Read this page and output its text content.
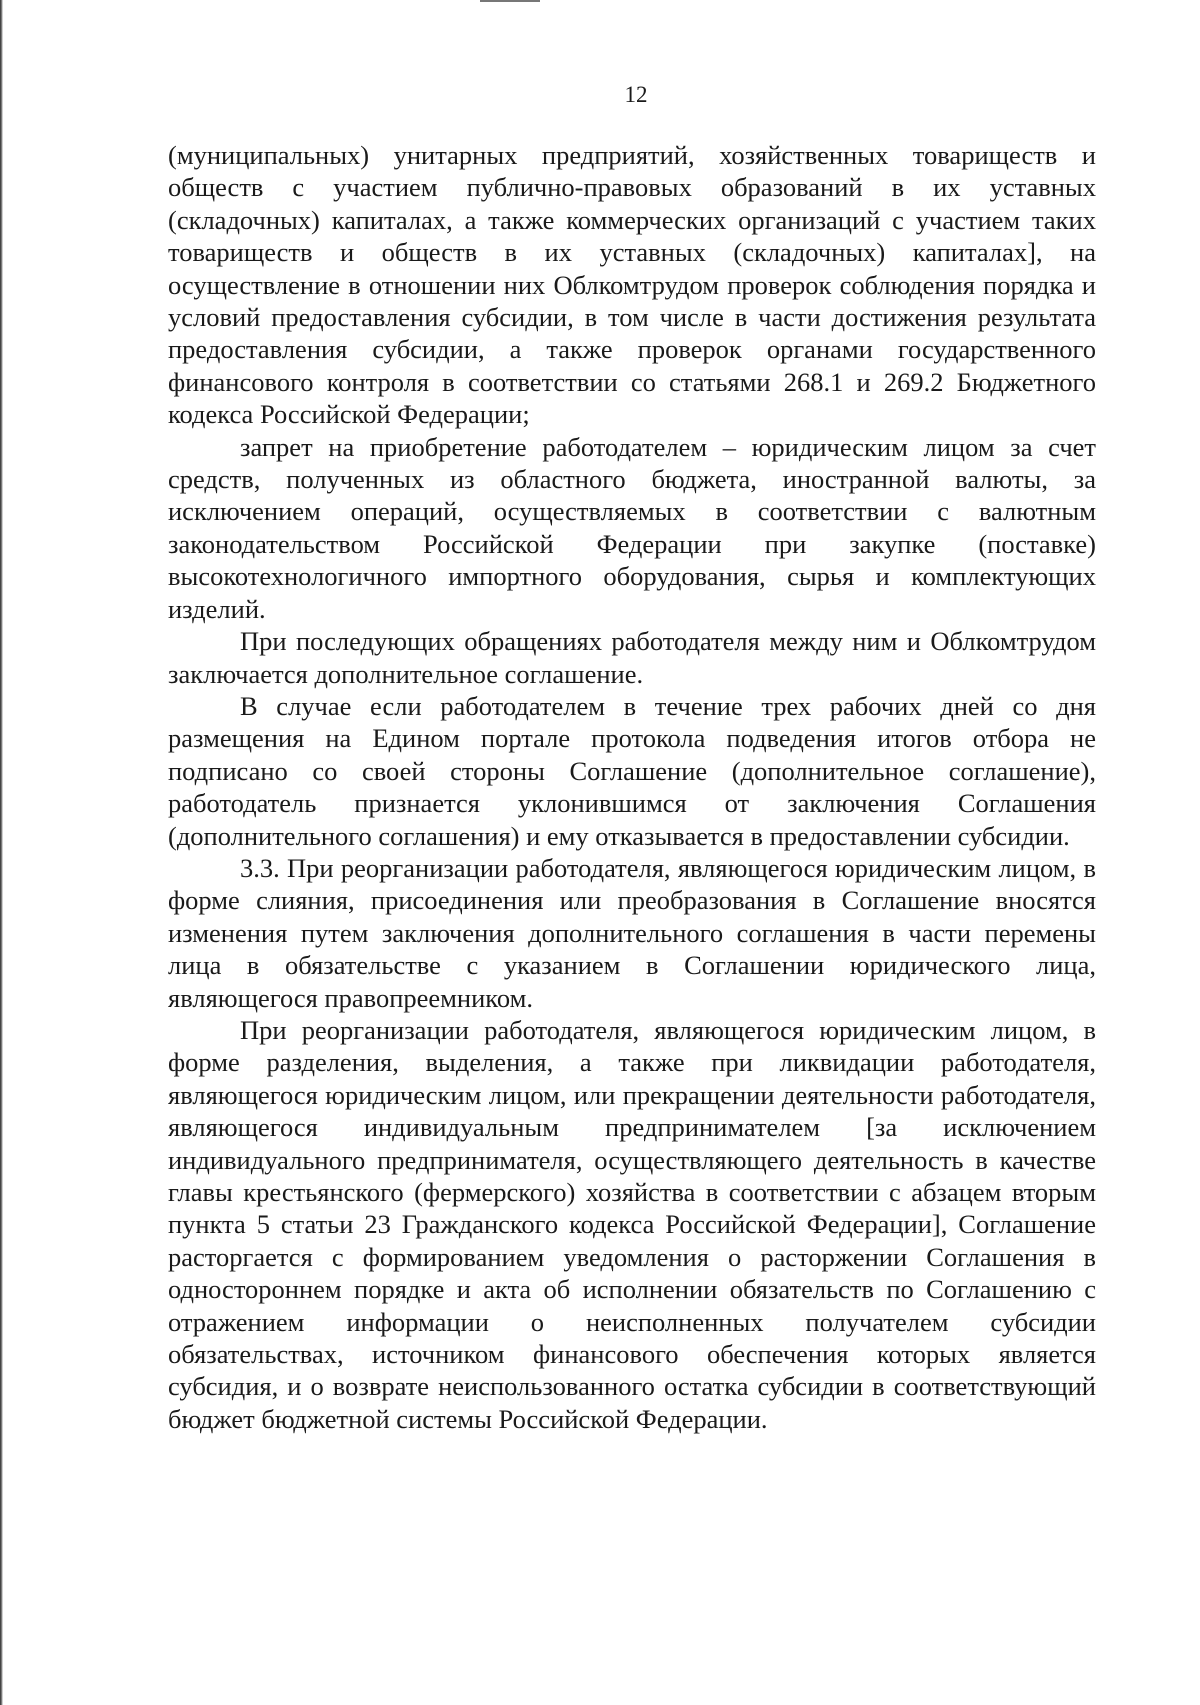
12

(муниципальных) унитарных предприятий, хозяйственных товариществ и обществ с участием публично-правовых образований в их уставных (складочных) капиталах, а также коммерческих организаций с участием таких товариществ и обществ в их уставных (складочных) капиталах], на осуществление в отношении них Облкомтрудом проверок соблюдения порядка и условий предоставления субсидии, в том числе в части достижения результата предоставления субсидии, а также проверок органами государственного финансового контроля в соответствии со статьями 268.1 и 269.2 Бюджетного кодекса Российской Федерации;

запрет на приобретение работодателем – юридическим лицом за счет средств, полученных из областного бюджета, иностранной валюты, за исключением операций, осуществляемых в соответствии с валютным законодательством Российской Федерации при закупке (поставке) высокотехнологичного импортного оборудования, сырья и комплектующих изделий.

При последующих обращениях работодателя между ним и Облкомтрудом заключается дополнительное соглашение.

В случае если работодателем в течение трех рабочих дней со дня размещения на Едином портале протокола подведения итогов отбора не подписано со своей стороны Соглашение (дополнительное соглашение), работодатель признается уклонившимся от заключения Соглашения (дополнительного соглашения) и ему отказывается в предоставлении субсидии.

3.3. При реорганизации работодателя, являющегося юридическим лицом, в форме слияния, присоединения или преобразования в Соглашение вносятся изменения путем заключения дополнительного соглашения в части перемены лица в обязательстве с указанием в Соглашении юридического лица, являющегося правопреемником.

При реорганизации работодателя, являющегося юридическим лицом, в форме разделения, выделения, а также при ликвидации работодателя, являющегося юридическим лицом, или прекращении деятельности работодателя, являющегося индивидуальным предпринимателем [за исключением индивидуального предпринимателя, осуществляющего деятельность в качестве главы крестьянского (фермерского) хозяйства в соответствии с абзацем вторым пункта 5 статьи 23 Гражданского кодекса Российской Федерации], Соглашение расторгается с формированием уведомления о расторжении Соглашения в одностороннем порядке и акта об исполнении обязательств по Соглашению с отражением информации о неисполненных получателем субсидии обязательствах, источником финансового обеспечения которых является субсидия, и о возврате неиспользованного остатка субсидии в соответствующий бюджет бюджетной системы Российской Федерации.
